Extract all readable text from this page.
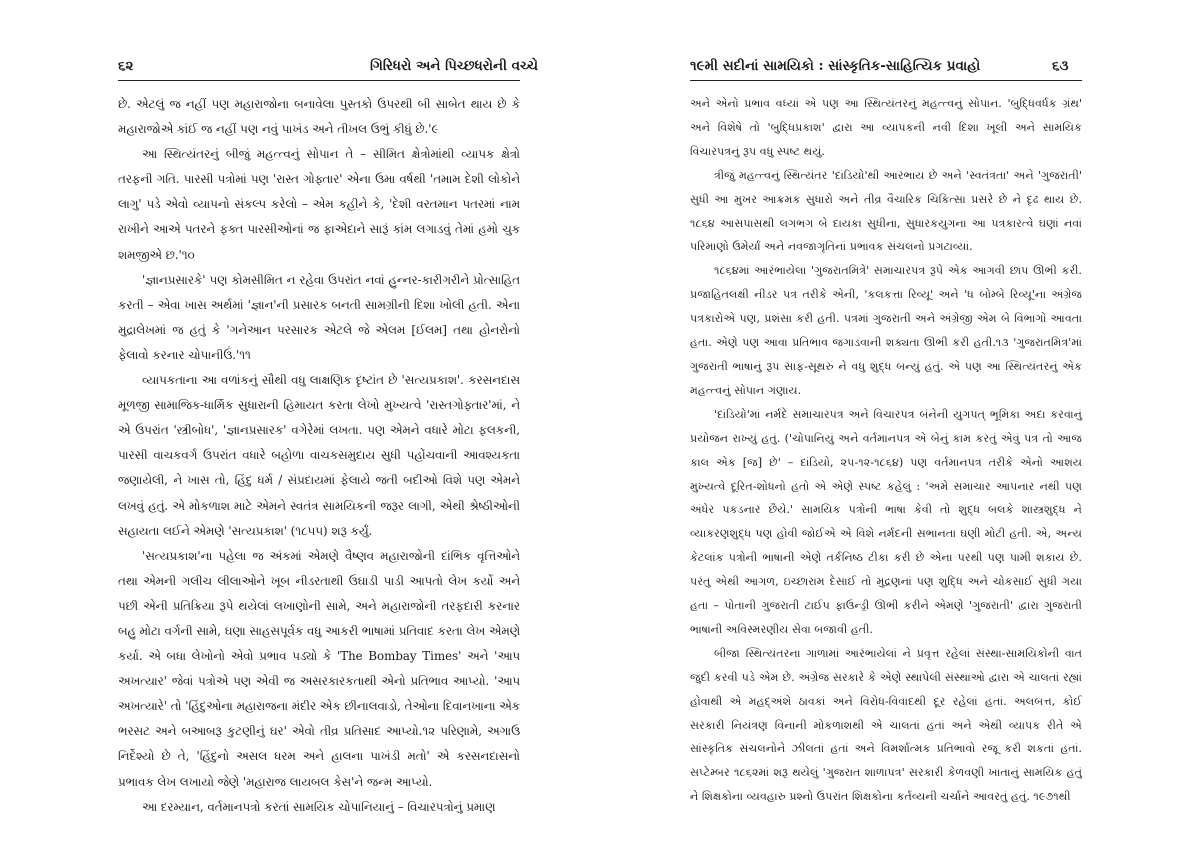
૬૨	ગિરિધરો અને પિચ્છધરોની વચ્ચે

છે. એટલું જ નહીં પણ મહારાજોના બનાવેલા પુસ્તકો ઉપરથી બી સાબેત થાય છે કે મહારાજોએ કાંઈ જ નહીં પણ નવું પાખંડ અને તીખલ ઉભું કીધું છે.'૯

આ સ્થિત્યંતરનું બીજું મહત્ત્વનું સોપાન તે – સીમિત ક્ષેત્રોમાંથી વ્યાપક ક્ષેત્રો તરફની ગતિ. પારસી પત્રોમાં પણ 'રાસ્ત ગોફ્તાર' એના ઉમા વર્ષથી 'તમામ દેશી લોકોને લાગુ' પડે એવો વ્યાપનો સંકલ્પ કરેલો – એમ કહીને કે, 'દેશી વરતમાન પતરમાં નામ રાખીને આએ પતરને ફક્ત પારસીઓનાં જ ફાએદાને સારૂં કાંમ લગાડવું તેમાં હમો ચુક શમજીએ છ.'૧૦

'જ્ઞાનપ્રસારકે' પણ કોમસીમિત ન રહેવા ઉપરાંત નવાં હુન્નર-કારીગરીને પ્રોત્સાહિત કરતી – એવા ખાસ અર્થમાં 'જ્ઞાન'ની પ્રસારક બનતી સામગ્રીની દિશા ખોલી હતી. એના મુદ્રાલેખમાં જ હતું કે 'ગનેઆન પરસારક એટલે જે એલમ [ઈલમ] તથા હોનરોનો ફેલાવો કરનાર ચોપાનીઉં.'૧૧

વ્યાપકતાના આ વળાંકનું સૌથી વધુ લાક્ષણિક દૃષ્ટાંત છે 'સત્યપ્રકાશ'. કરસનદાસ મૂળજી સામાજિક-ધાર્મિક સુધારાની હિમાયત કરતા લેખો મુખ્યત્વે 'રાસ્તગોફ્તાર'માં, ને એ ઉપરાંત 'સ્ત્રીબોધ', 'જ્ઞાનપ્રસારક' વગેરેમાં લખતા. પણ એમને વધારે મોટા ફલકની, પારસી વાચકવર્ગ ઉપરાંત વધારે બહોળા વાચકસમુદાય સુધી પહોંચવાની આવશ્યકતા જણાયેલી, ને ખાસ તો, હિંદુ ધર્મ / સંપ્રદાયમાં ફેલાયે જતી બદીઓ વિશે પણ એમને લખવું હતું. એ મોકળાશ માટે એમને સ્વતંત્ર સામયિકની જરૂર લાગી, એથી શ્રેષ્ઠીઓની સહાયતા લઈને એમણે 'સત્યપ્રકાશ' (૧૮૫૫) શરૂ કર્યું.

'સત્યપ્રકાશ'ના પહેલા જ અંકમાં એમણે વૈષ્ણવ મહારાજોની દાંભિક વૃત્તિઓને તથા એમની ગલીચ લીલાઓને ખૂબ નીડરતાથી ઉઘાડી પાડી આપતો લેખ કર્યો અને પછી એની પ્રતિક્રિયા રૂપે થયેલાં લખાણોની સામે, અને મહારાજોની તરફદારી કરનાર બહુ મોટા વર્ગની સામે, ઘણા સાહસપૂર્વક વધુ આકરી ભાષામાં પ્રતિવાદ કરતા લેખ એમણે કર્યા. એ બધા લેખોનો એવો પ્રભાવ પડ્યો કે 'The Bombay Times' અને 'આપ અખત્યાર' જેવાં પત્રોએ પણ એવી જ અસરકારકતાથી એનો પ્રતિભાવ આપ્યો. 'આપ અખત્યારે' તો 'હિંદુઓના મહારાજના મંદીર એક છીનાલવાડો, તેઓના દિવાનખાના એક ભરસટ અને બઆબરૂ કુટણીનું ઘર' એવો તીવ્ર પ્રતિસાદ આપ્યો.૧૨ પરિણામે, અગાઉ નિર્દેશ્યો છે તે, 'હિંદુનો અસલ ધરમ અને હાલના પાખંડી મતો' એ કરસનદાસનો પ્રભાવક લેખ લખાયો જેણે 'મહારાજ લાયબલ કેસ'ને જન્મ આપ્યો.

આ દરમ્યાન, વર્તમાનપત્રો કરતાં સામયિક ચોપાનિયાનું – વિચારપત્રોનું પ્રમાણ

૧૯મી સદીનાં સામયિકો : સાંસ્કૃતિક-સાહિત્યિક પ્રવાહો	૬૩

અને એનો પ્રભાવ વધ્યાં એ પણ આ સ્થિત્યંતરનું મહત્ત્વનું સોપાન. 'બુદ્ધિવર્ધક ગ્રંથ' અને વિશેષે તો 'બુદ્ધિપ્રકાશ' દ્વારા આ વ્યાપકની નવી દિશા ખૂલી અને સામયિક વિચારપત્રનું રૂપ વધુ સ્પષ્ટ થયું.

ત્રીજું મહત્ત્વનું સ્થિત્યંતર 'દાંડિયો'થી આરંભાય છે અને 'સ્વતંત્રતા' અને 'ગુજરાતી' સુધી આ મુખર આક્રમક સુધારો અને તીવ્ર વૈચારિક ચિકિત્સા પ્રસરે છે ને દૃઢ થાય છે. ૧૮૬૪ આસપાસથી લગભગ બે દાયકા સુધીના, સુધારકયુગના આ પત્રકારત્વે ઘણાં નવાં પરિમાણો ઉમેર્યાં અને નવજાગૃતિનાં પ્રભાવક સંચલનો પ્રગટાવ્યાં.

૧૮૬૪માં આરંભાયેલા 'ગુજરાતમિત્રે' સમાચારપત્ર રૂપે એક આગવી છાપ ઊભી કરી. પ્રજાહિતલક્ષી નીડર પત્ર તરીકે એની, 'કલકત્તા રિવ્યૂ' અને 'ધ બોમ્બે રિવ્યૂ'ના અંગ્રેજ પત્રકારોએ પણ, પ્રશંસા કરી હતી. પત્રમાં ગુજરાતી અને અંગ્રેજી એમ બે વિભાગો આવતા હતા. એણે પણ આવા પ્રતિભાવ જગાડવાની શક્યતા ઊભી કરી હતી.૧૩ 'ગુજરાતમિત્ર'માં ગુજરાતી ભાષાનું રૂપ સાફ-સૂથરું ને વધુ શુદ્ધ બન્યું હતું. એ પણ આ સ્થિત્યંતરનું એક મહત્ત્વનું સોપાન ગણાય.

'દાંડિયો'માં નર્મદે સમાચારપત્ર અને વિચારપત્ર બંનેની યુગપત્ ભૂમિકા અદા કરવાનું પ્રયોજન રાખ્યું હતું. ('ચોપાનિયું અને વર્તમાનપત્ર એ બેનું કામ કરતું એવું પત્ર તો આજ કાલ એક [જ] છે' – દાંડિયો, ૨૫-૧૨-૧૮૬૪) પણ વર્તમાનપત્ર તરીકે એનો આશય મુખ્યત્વે દૂરિત-શોધનો હતો એ એણે સ્પષ્ટ કહેલું : 'અમે સમાચાર આપનાર નથી પણ અંધેર પકડનાર છૈયે.' સામયિક પત્રોની ભાષા કેવી તો શુદ્ધ બલકે શાસ્ત્રશુદ્ધ ને વ્યાકરણશુદ્ધ પણ હોવી જોઈએ એ વિશે નર્મદની સભાનતા ઘણી મોટી હતી. એ, અન્ય કેટલાંક પત્રોની ભાષાની એણે તર્કનિષ્ઠ ટીકા કરી છે એના પરથી પણ પામી શકાય છે. પરંતુ એથી આગળ, ઇચ્છારામ દેસાઈ તો મુદ્રણનાં પણ શુદ્ધિ અને ચોકસાઈ સુધી ગયા હતા – પોતાની ગુજરાતી ટાઈપ ફાઉન્ડ્રી ઊભી કરીને એમણે 'ગુજરાતી' દ્વારા ગુજરાતી ભાષાની અવિસ્મરણીય સેવા બજાવી હતી.

બીજા સ્થિત્યંતરના ગાળામાં આરંભાયેલાં ને પ્રવૃત્ત રહેલાં સંસ્થા-સામયિકોની વાત જુદી કરવી પડે એમ છે. અંગ્રેજ સરકારે કે એણે સ્થાપેલી સંસ્થાઓ દ્વારા એ ચાલતાં રહ્યાં હોવાથી એ મહદ્અંશે ઠાવકાં અને વિરોધ-વિવાદથી દૂર રહેલાં હતાં. અલબત્ત, કોઈ સરકારી નિયંત્રણ વિનાની મોકળાશથી એ ચાલતાં હતાં અને એથી વ્યાપક રીતે એ સાંસ્કૃતિક સંચલનોને ઝીલતાં હતાં અને વિમર્શાત્મક પ્રતિભાવો રજૂ કરી શકતાં હતાં. સપ્ટેમ્બર ૧૮૬૨માં શરૂ થયેલું 'ગુજરાત શાળાપત્ર' સરકારી કેળવણી ખાતાનું સામયિક હતું ને શિક્ષકોના વ્યવહારુ પ્રશ્નો ઉપરાંત શિક્ષકોના કર્તવ્યની ચર્ચાને આવરતું હતું. ૧૯૭૧થી
